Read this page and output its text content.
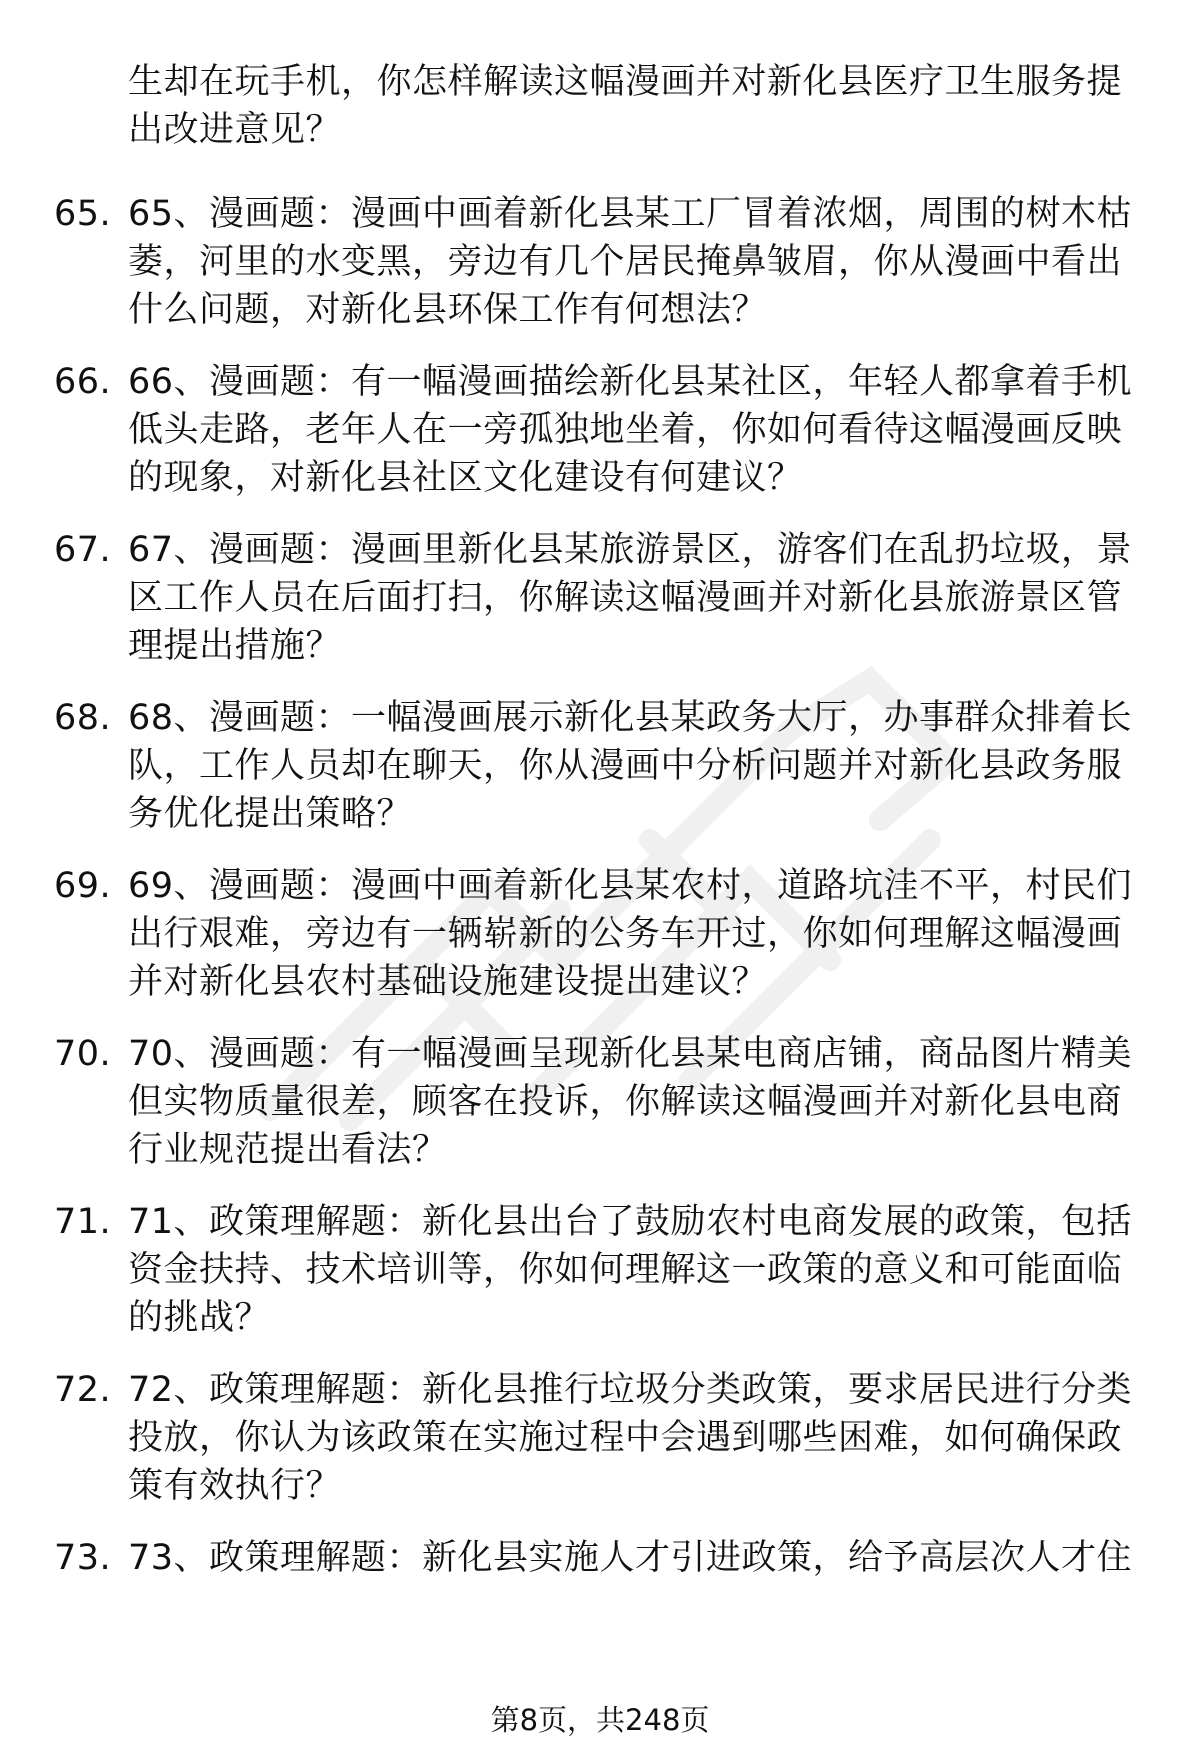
生却在玩手机，你怎样解读这幅漫画并对新化县医疗卫生服务提出改进意见？
65. 65、漫画题：漫画中画着新化县某工厂冒着浓烟，周围的树木枯萎，河里的水变黑，旁边有几个居民掩鼻皱眉，你从漫画中看出什么问题，对新化县环保工作有何想法？
66. 66、漫画题：有一幅漫画描绘新化县某社区，年轻人都拿着手机低头走路，老年人在一旁孤独地坐着，你如何看待这幅漫画反映的现象，对新化县社区文化建设有何建议？
67. 67、漫画题：漫画里新化县某旅游景区，游客们在乱扔垃圾，景区工作人员在后面打扫，你解读这幅漫画并对新化县旅游景区管理提出措施？
68. 68、漫画题：一幅漫画展示新化县某政务大厅，办事群众排着长队，工作人员却在聊天，你从漫画中分析问题并对新化县政务服务优化提出策略？
69. 69、漫画题：漫画中画着新化县某农村，道路坑洼不平，村民们出行艰难，旁边有一辆崭新的公务车开过，你如何理解这幅漫画并对新化县农村基础设施建设提出建议？
70. 70、漫画题：有一幅漫画呈现新化县某电商店铺，商品图片精美但实物质量很差，顾客在投诉，你解读这幅漫画并对新化县电商行业规范提出看法？
71. 71、政策理解题：新化县出台了鼓励农村电商发展的政策，包括资金扶持、技术培训等，你如何理解这一政策的意义和可能面临的挑战？
72. 72、政策理解题：新化县推行垃圾分类政策，要求居民进行分类投放，你认为该政策在实施过程中会遇到哪些困难，如何确保政策有效执行？
73. 73、政策理解题：新化县实施人才引进政策，给予高层次人才住
第8页，共248页
